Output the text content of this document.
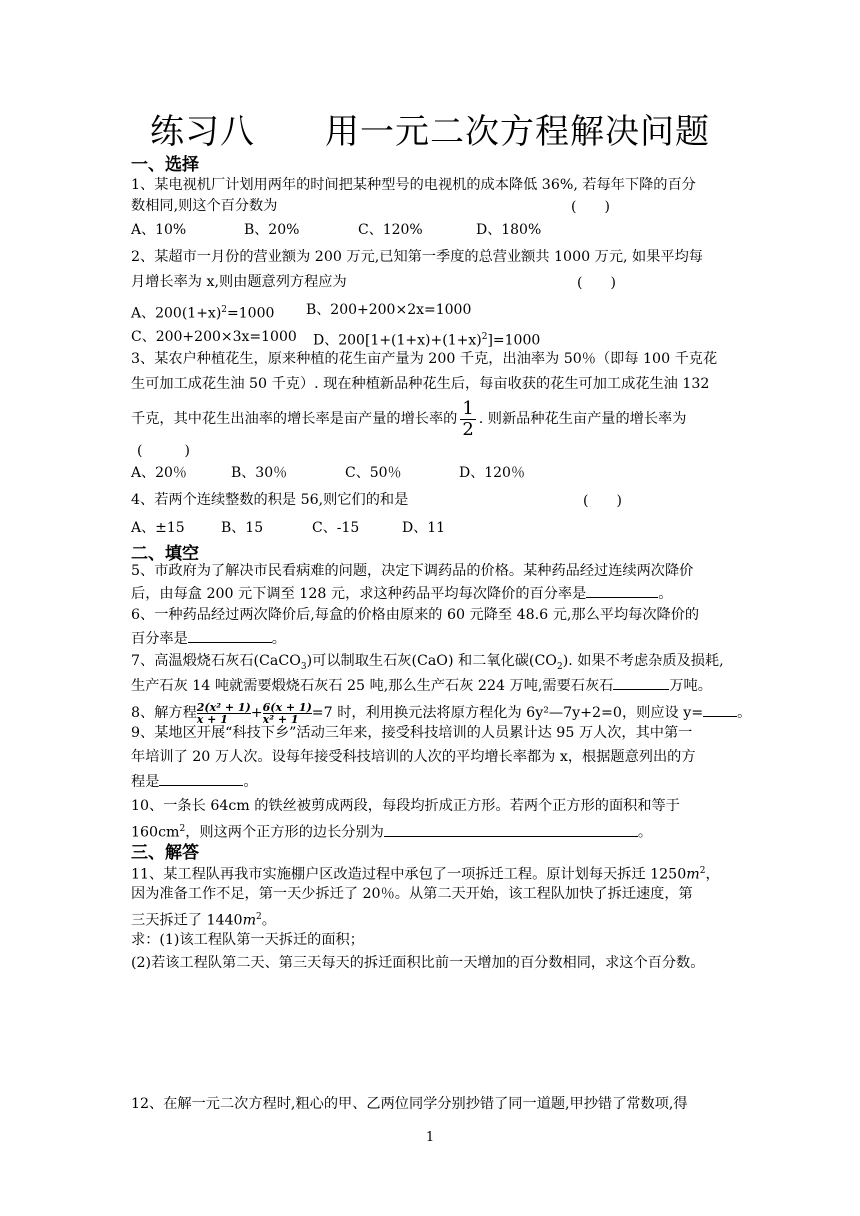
练习八　　用一元二次方程解决问题
一、选择
1、某电视机厂计划用两年的时间把某种型号的电视机的成本降低 36%, 若每年下降的百分
数相同,则这个百分数为	(　　)
A、10%	B、20%	C、120%	D、180%
2、某超市一月份的营业额为 200 万元,已知第一季度的总营业额共 1000 万元, 如果平均每
月增长率为 x,则由题意列方程应为	(　　)
A、$200(1+x)^2=1000$ B、200+200×2x=1000
C、200+200×3x=1000 D、$200[1+(1+x)+(1+x)^2]=1000$
3、某农户种植花生，原来种植的花生亩产量为 200 千克，出油率为 50％（即每 100 千克花
生可加工成花生油 50 千克）. 现在种植新品种花生后，每亩收获的花生可加工成花生油 132
千克，其中花生出油率的增长率是亩产量的增长率的 $\frac{1}{2}$ . 则新品种花生亩产量的增长率为
(　　　)
A、20％	B、30％	C、50％	D、120％
4、若两个连续整数的积是 56,则它们的和是	(　　)
A、±15	B、15	C、-15	D、11
二、填空
5、市政府为了解决市民看病难的问题，决定下调药品的价格。某种药品经过连续两次降价
后，由每盒 200 元下调至 128 元，求这种药品平均每次降价的百分率是	。
6、一种药品经过两次降价后,每盒的价格由原来的 60 元降至 48.6 元,那么平均每次降价的
百分率是	。
7、高温煅烧石灰石(CaCO$_3$)可以制取生石灰(CaO) 和二氧化碳$(CO_2)$. 如果不考虑杂质及损耗,
生产石灰 14 吨就需要煅烧石灰石 25 吨,那么生产石灰 224 万吨,需要石灰石	万吨。
8、解方程 $\frac{\text{2(x² + 1)}}{x + 1} + \frac{6(x + 1)}{\text{x² + 1}} =7$ 时，利用换元法将原方程化为 6y²—7y+2=0，则应设 y= 。
9、某地区开展“科技下乡”活动三年来，接受科技培训的人员累计达 95 万人次，其中第一
年培训了 20 万人次。设每年接受科技培训的人次的平均增长率都为 x，根据题意列出的方
程是	。
10、一条长 64cm 的铁丝被剪成两段，每段均折成正方形。若两个正方形的面积和等于
$160cm^2$，则这两个正方形的边长分别为	。
三、解答
11、某工程队再我市实施棚户区改造过程中承包了一项拆迁工程。原计划每天拆迁 $1250m^2$，
因为准备工作不足，第一天少拆迁了 20％。从第二天开始，该工程队加快了拆迁速度，第
三天拆迁了 $1440m^2$。
求：(1)该工程队第一天拆迁的面积；
(2)若该工程队第二天、第三天每天的拆迁面积比前一天增加的百分数相同，求这个百分数。
12、在解一元二次方程时,粗心的甲、乙两位同学分别抄错了同一道题,甲抄错了常数项,得
1
